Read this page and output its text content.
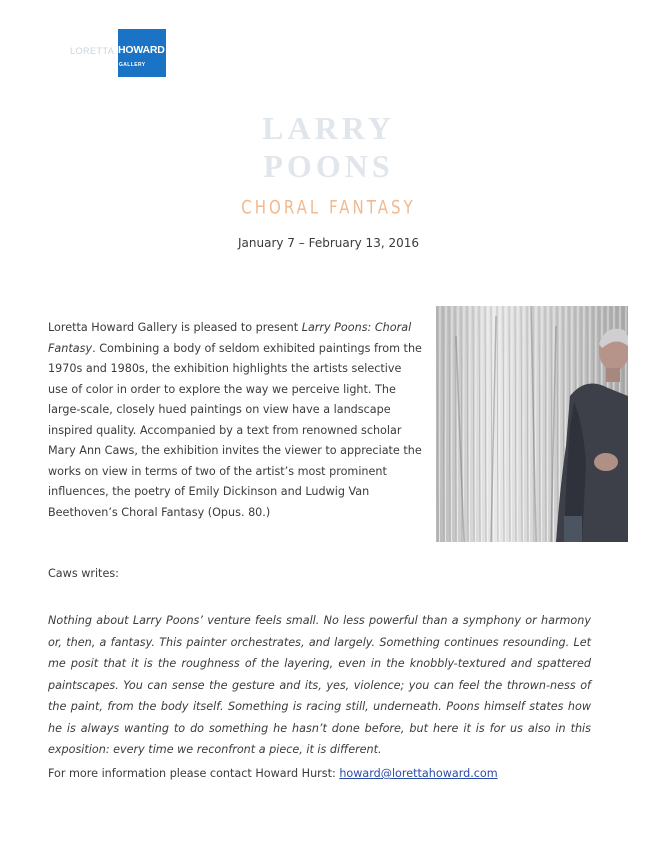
LORETTA HOWARD
GALLERY
LARRY
POONS
CHORAL FANTASY
January 7 – February 13, 2016

Loretta Howard Gallery is pleased to present Larry Poons: Choral Fantasy. Combining a body of seldom exhibited paintings from the 1970s and 1980s, the exhibition highlights the artists selective use of color in order to explore the way we perceive light. The large-scale, closely hued paintings on view have a landscape inspired quality. Accompanied by a text from renowned scholar Mary Ann Caws, the exhibition invites the viewer to appreciate the works on view in terms of two of the artist’s most prominent influences, the poetry of Emily Dickinson and Ludwig Van Beethoven’s Choral Fantasy (Opus. 80.)

Caws writes:

Nothing about Larry Poons’ venture feels small. No less powerful than a symphony or harmony or, then, a fantasy. This painter orchestrates, and largely. Something continues resounding. Let me posit that it is the roughness of the layering, even in the knobbly-textured and spattered paintscapes. You can sense the gesture and its, yes, violence; you can feel the thrown-ness of the paint, from the body itself. Something is racing still, underneath. Poons himself states how he is always wanting to do something he hasn’t done before, but here it is for us also in this exposition: every time we reconfront a piece, it is different.

For more information please contact Howard Hurst: howard@lorettahoward.com
